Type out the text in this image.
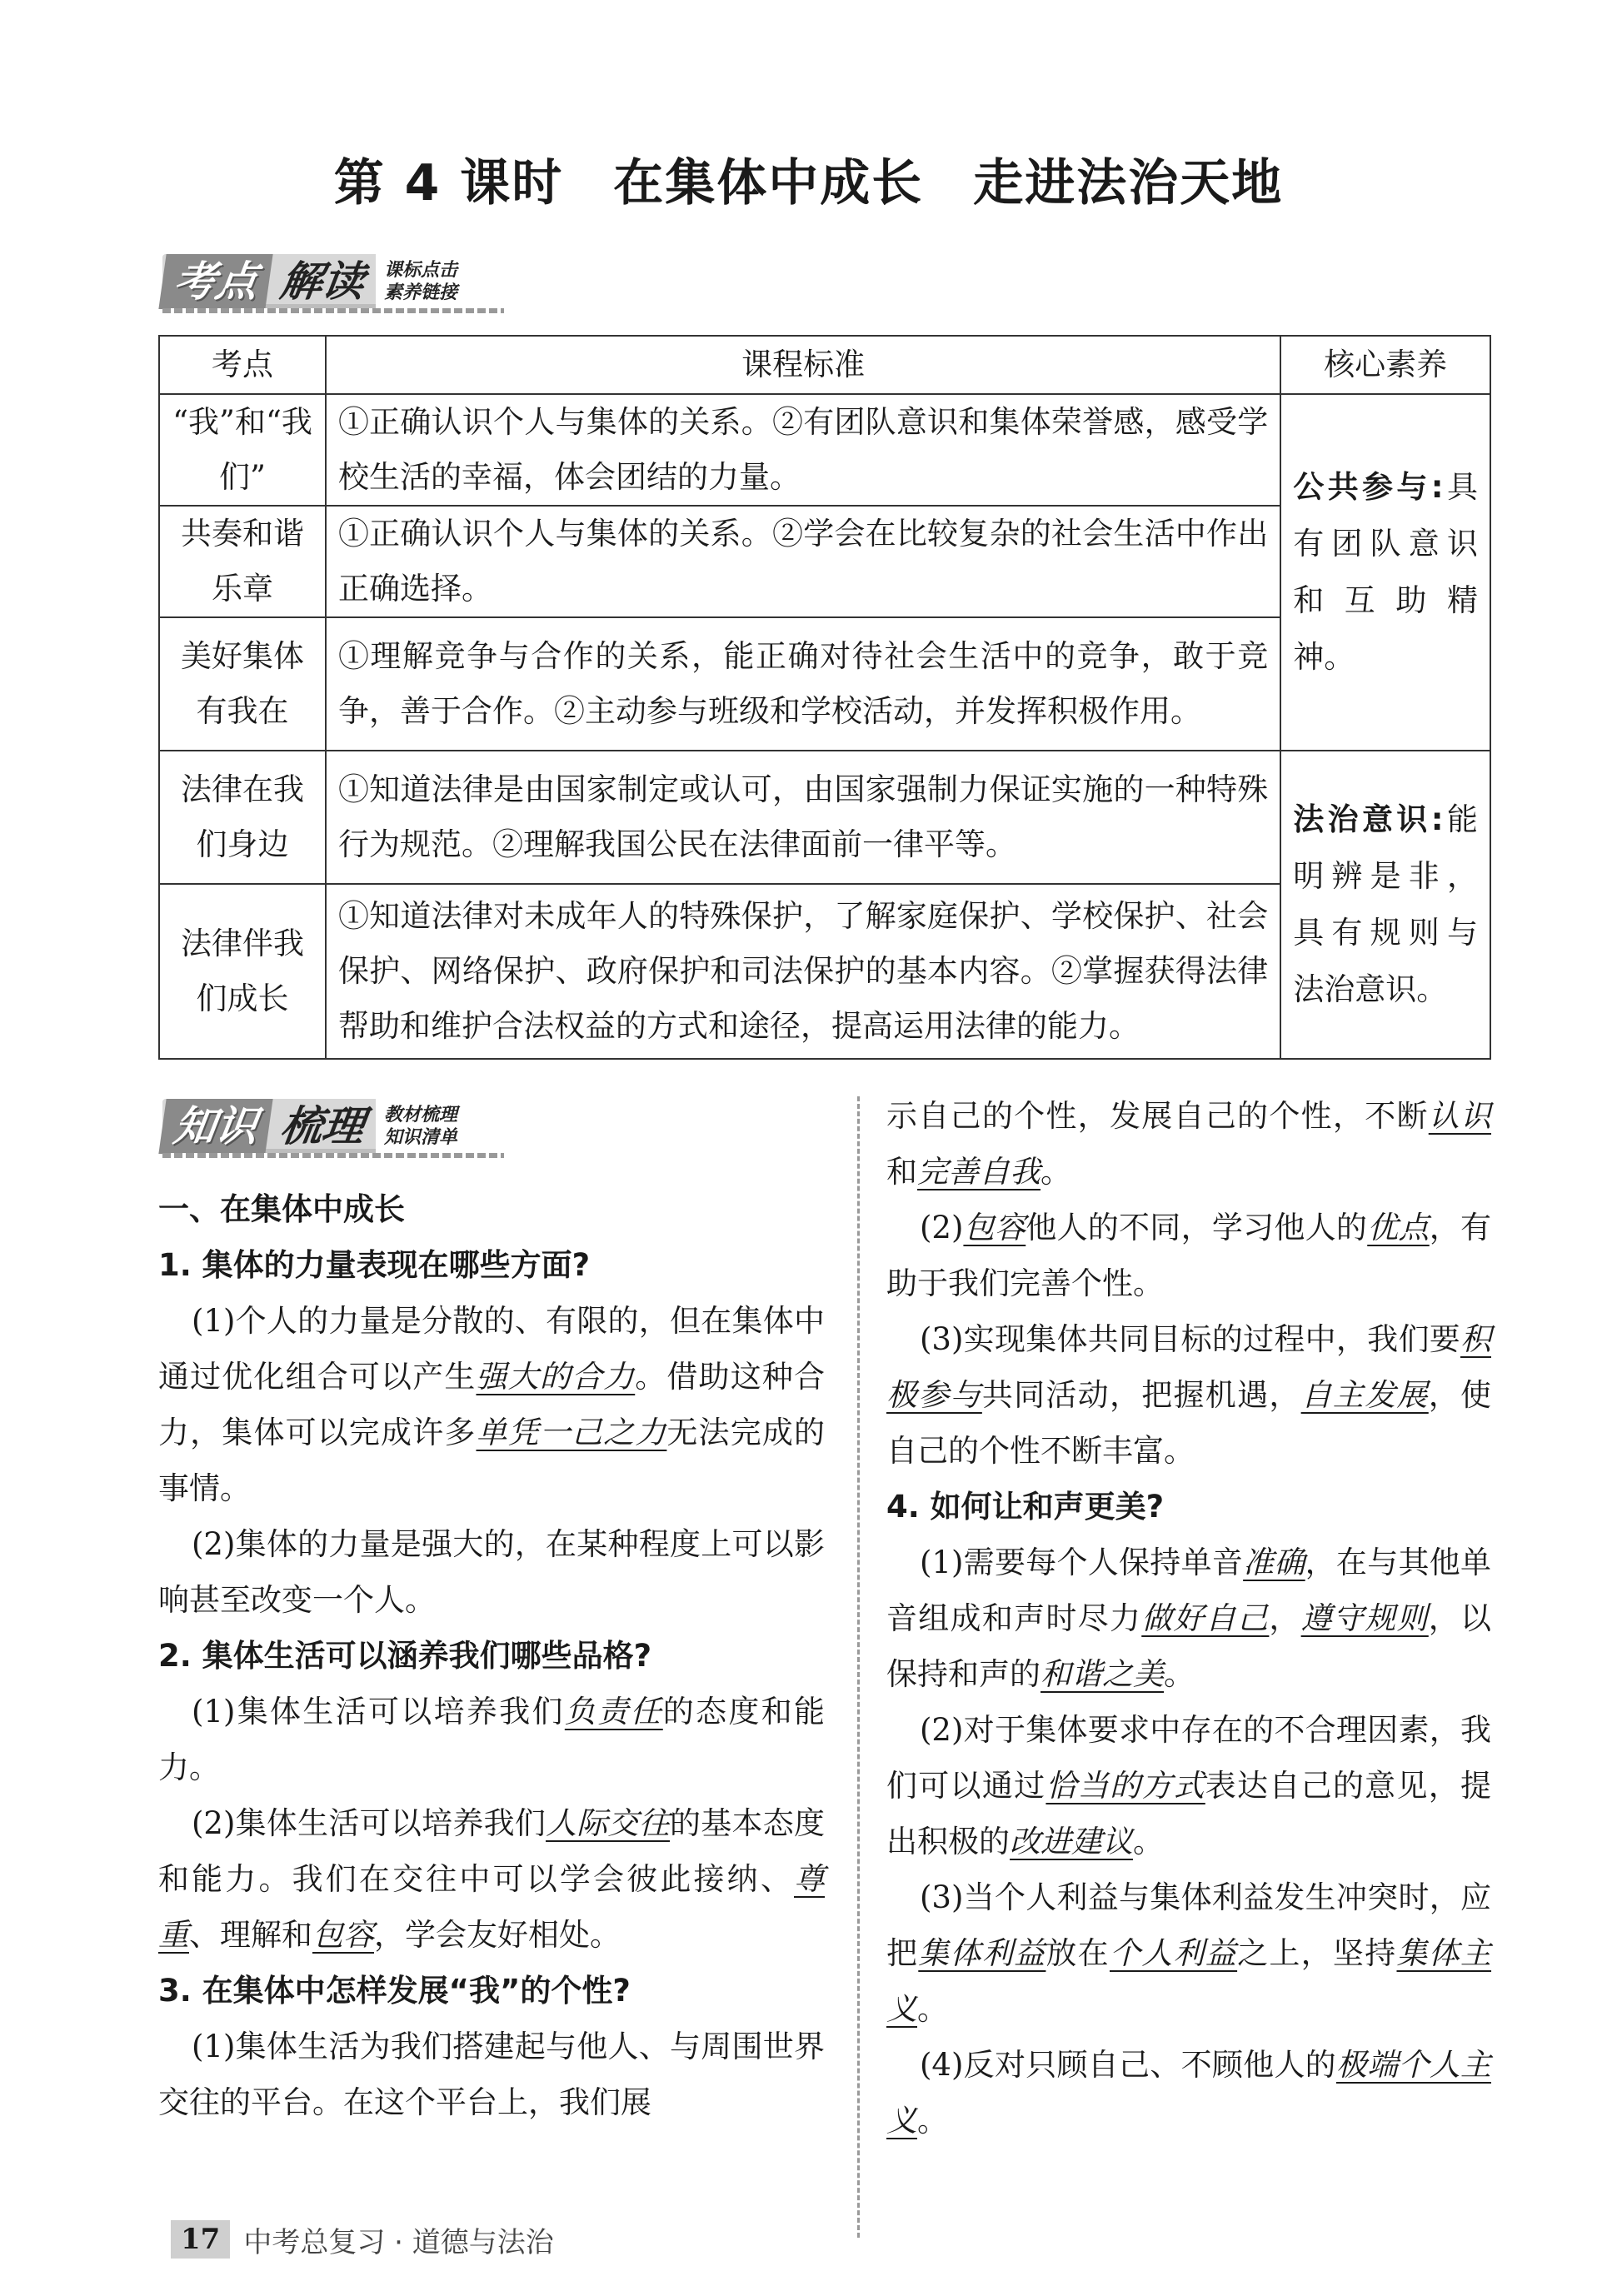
第 4 课时 在集体中成长 走进法治天地
考点 解读 课标点击
素养链接
考点	课程标准	核心素养
“我”和“我们”	①正确认识个人与集体的关系。②有团队意识和集体荣誉感，感受学校生活的幸福，体会团结的力量。	公共参与:具有团队意识和互助精神。
共奏和谐乐章	①正确认识个人与集体的关系。②学会在比较复杂的社会生活中作出正确选择。	
美好集体有我在	①理解竞争与合作的关系，能正确对待社会生活中的竞争，敢于竞争，善于合作。②主动参与班级和学校活动，并发挥积极作用。	
法律在我们身边	①知道法律是由国家制定或认可，由国家强制力保证实施的一种特殊行为规范。②理解我国公民在法律面前一律平等。	法治意识:能明辨是非，具有规则与法治意识。
法律伴我们成长	①知道法律对未成年人的特殊保护，了解家庭保护、学校保护、社会保护、网络保护、政府保护和司法保护的基本内容。②掌握获得法律帮助和维护合法权益的方式和途径，提高运用法律的能力。	
知识 梳理 教材梳理
知识清单

一、在集体中成长

1. 集体的力量表现在哪些方面?

(1)个人的力量是分散的、有限的，但在集体中通过优化组合可以产生强大的合力。借助这种合力，集体可以完成许多单凭一己之力无法完成的事情。

(2)集体的力量是强大的，在某种程度上可以影响甚至改变一个人。

2. 集体生活可以涵养我们哪些品格?

(1)集体生活可以培养我们负责任的态度和能力。

(2)集体生活可以培养我们人际交往的基本态度和能力。我们在交往中可以学会彼此接纳、尊重、理解和包容，学会友好相处。

3. 在集体中怎样发展“我”的个性?

(1)集体生活为我们搭建起与他人、与周围世界交往的平台。在这个平台上，我们展

示自己的个性，发展自己的个性，不断认识和完善自我。

(2)包容他人的不同，学习他人的优点，有助于我们完善个性。

(3)实现集体共同目标的过程中，我们要积极参与共同活动，把握机遇，自主发展，使自己的个性不断丰富。

4. 如何让和声更美?

(1)需要每个人保持单音准确，在与其他单音组成和声时尽力做好自己，遵守规则，以保持和声的和谐之美。

(2)对于集体要求中存在的不合理因素，我们可以通过恰当的方式表达自己的意见，提出积极的改进建议。

(3)当个人利益与集体利益发生冲突时，应把集体利益放在个人利益之上，坚持集体主义。

(4)反对只顾自己、不顾他人的极端个人主义。

17 中考总复习 · 道德与法治
